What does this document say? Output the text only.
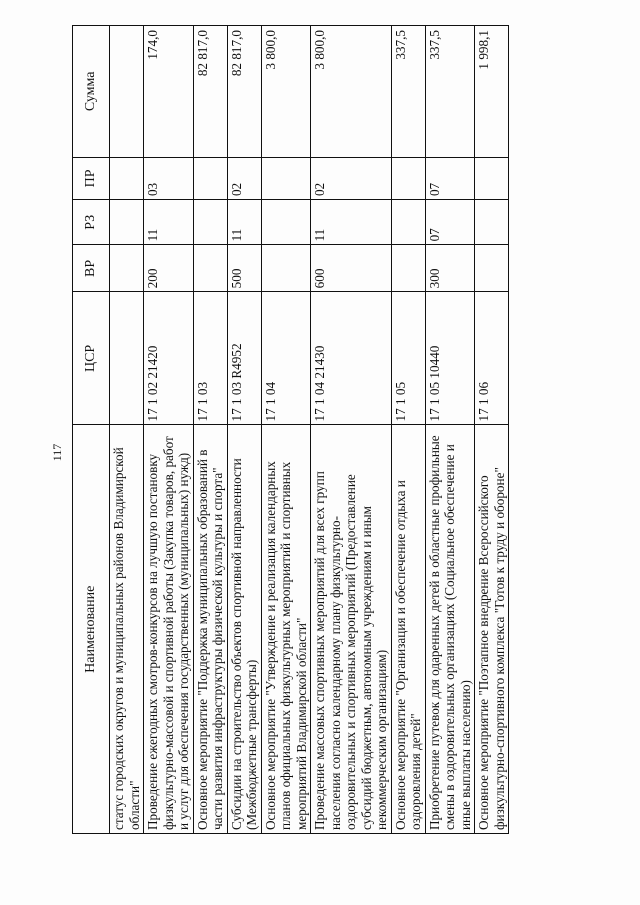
117
Наименование	ЦСР	ВР	РЗ	ПР	Сумма
статус городских округов и муниципальных районов Владимирской области"					
Проведение ежегодных смотров-конкурсов на лучшую постановку физкультурно-массовой и спортивной работы (Закупка товаров, работ и услуг для обеспечения государственных (муниципальных) нужд)	17 1 02 21420	200	11	03	174,0
Основное мероприятие "Поддержка муниципальных образований в части развития инфраструктуры физической культуры и спорта"	17 1 03				82 817,0
Субсидии на строительство объектов спортивной направленности (Межбюджетные трансферты)	17 1 03 R4952	500	11	02	82 817,0
Основное мероприятие "Утверждение и реализация календарных планов официальных физкультурных мероприятий и спортивных мероприятий Владимирской области"	17 1 04				3 800,0
Проведение массовых спортивных мероприятий для всех групп населения согласно календарному плану физкультурно-оздоровительных и спортивных мероприятий (Предоставление субсидий бюджетным, автономным учреждениям и иным некоммерческим организациям)	17 1 04 21430	600	11	02	3 800,0
Основное мероприятие "Организация и обеспечение отдыха и оздоровления детей"	17 1 05				337,5
Приобретение путевок для одаренных детей в областные профильные смены в оздоровительных организациях (Социальное обеспечение и иные выплаты населению)	17 1 05 10440	300	07	07	337,5
Основное мероприятие "Поэтапное внедрение Всероссийского физкультурно-спортивного комплекса "Готов к труду и обороне"	17 1 06				1 998,1
